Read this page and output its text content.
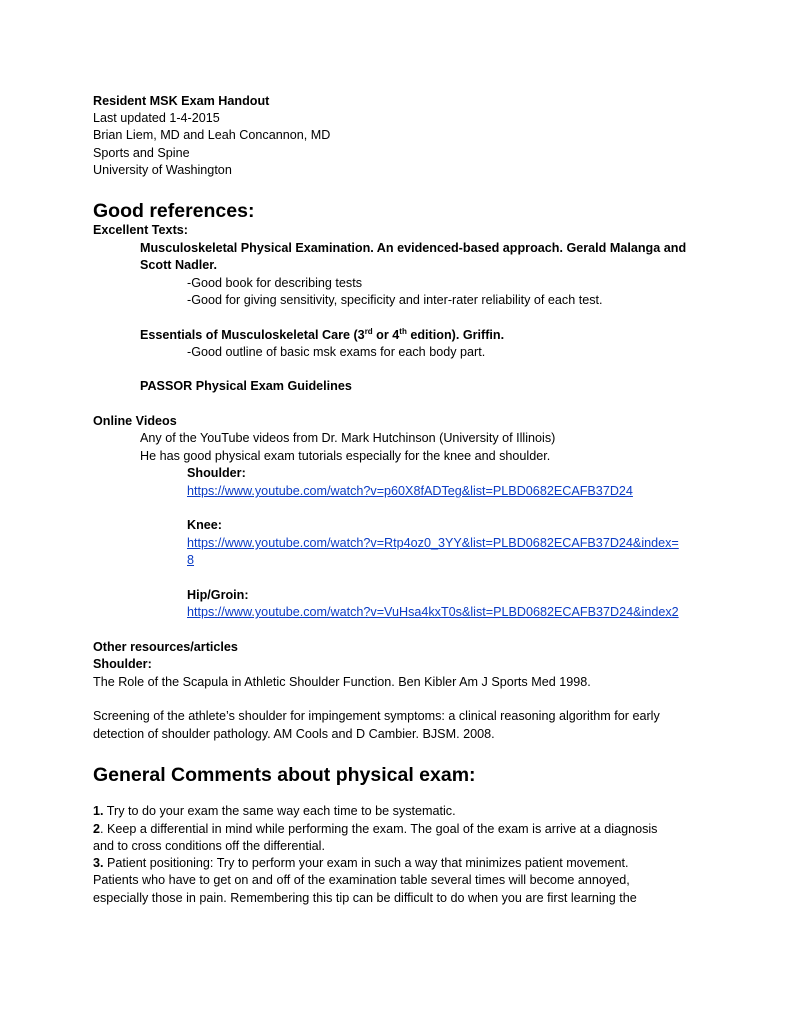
Resident MSK Exam Handout
Last updated 1-4-2015
Brian Liem, MD and Leah Concannon, MD
Sports and Spine
University of Washington
Good references:
Excellent Texts:
Musculoskeletal Physical Examination. An evidenced-based approach. Gerald Malanga and
Scott Nadler.
-Good book for describing tests
-Good for giving sensitivity, specificity and inter-rater reliability of each test.
Essentials of Musculoskeletal Care (3rd or 4th edition). Griffin.
-Good outline of basic msk exams for each body part.
PASSOR Physical Exam Guidelines
Online Videos
Any of the YouTube videos from Dr. Mark Hutchinson (University of Illinois)
He has good physical exam tutorials especially for the knee and shoulder.
Shoulder:
https://www.youtube.com/watch?v=p60X8fADTeg&list=PLBD0682ECAFB37D24
Knee:
https://www.youtube.com/watch?v=Rtp4oz0_3YY&list=PLBD0682ECAFB37D24&index=
8
Hip/Groin:
https://www.youtube.com/watch?v=VuHsa4kxT0s&list=PLBD0682ECAFB37D24&index2
Other resources/articles
Shoulder:
The Role of the Scapula in Athletic Shoulder Function. Ben Kibler Am J Sports Med 1998.
Screening of the athlete’s shoulder for impingement symptoms: a clinical reasoning algorithm for early
detection of shoulder pathology. AM Cools and D Cambier. BJSM. 2008.
General Comments about physical exam:
1. Try to do your exam the same way each time to be systematic.
2. Keep a differential in mind while performing the exam. The goal of the exam is arrive at a diagnosis
and to cross conditions off the differential.
3. Patient positioning: Try to perform your exam in such a way that minimizes patient movement.
Patients who have to get on and off of the examination table several times will become annoyed,
especially those in pain. Remembering this tip can be difficult to do when you are first learning the
